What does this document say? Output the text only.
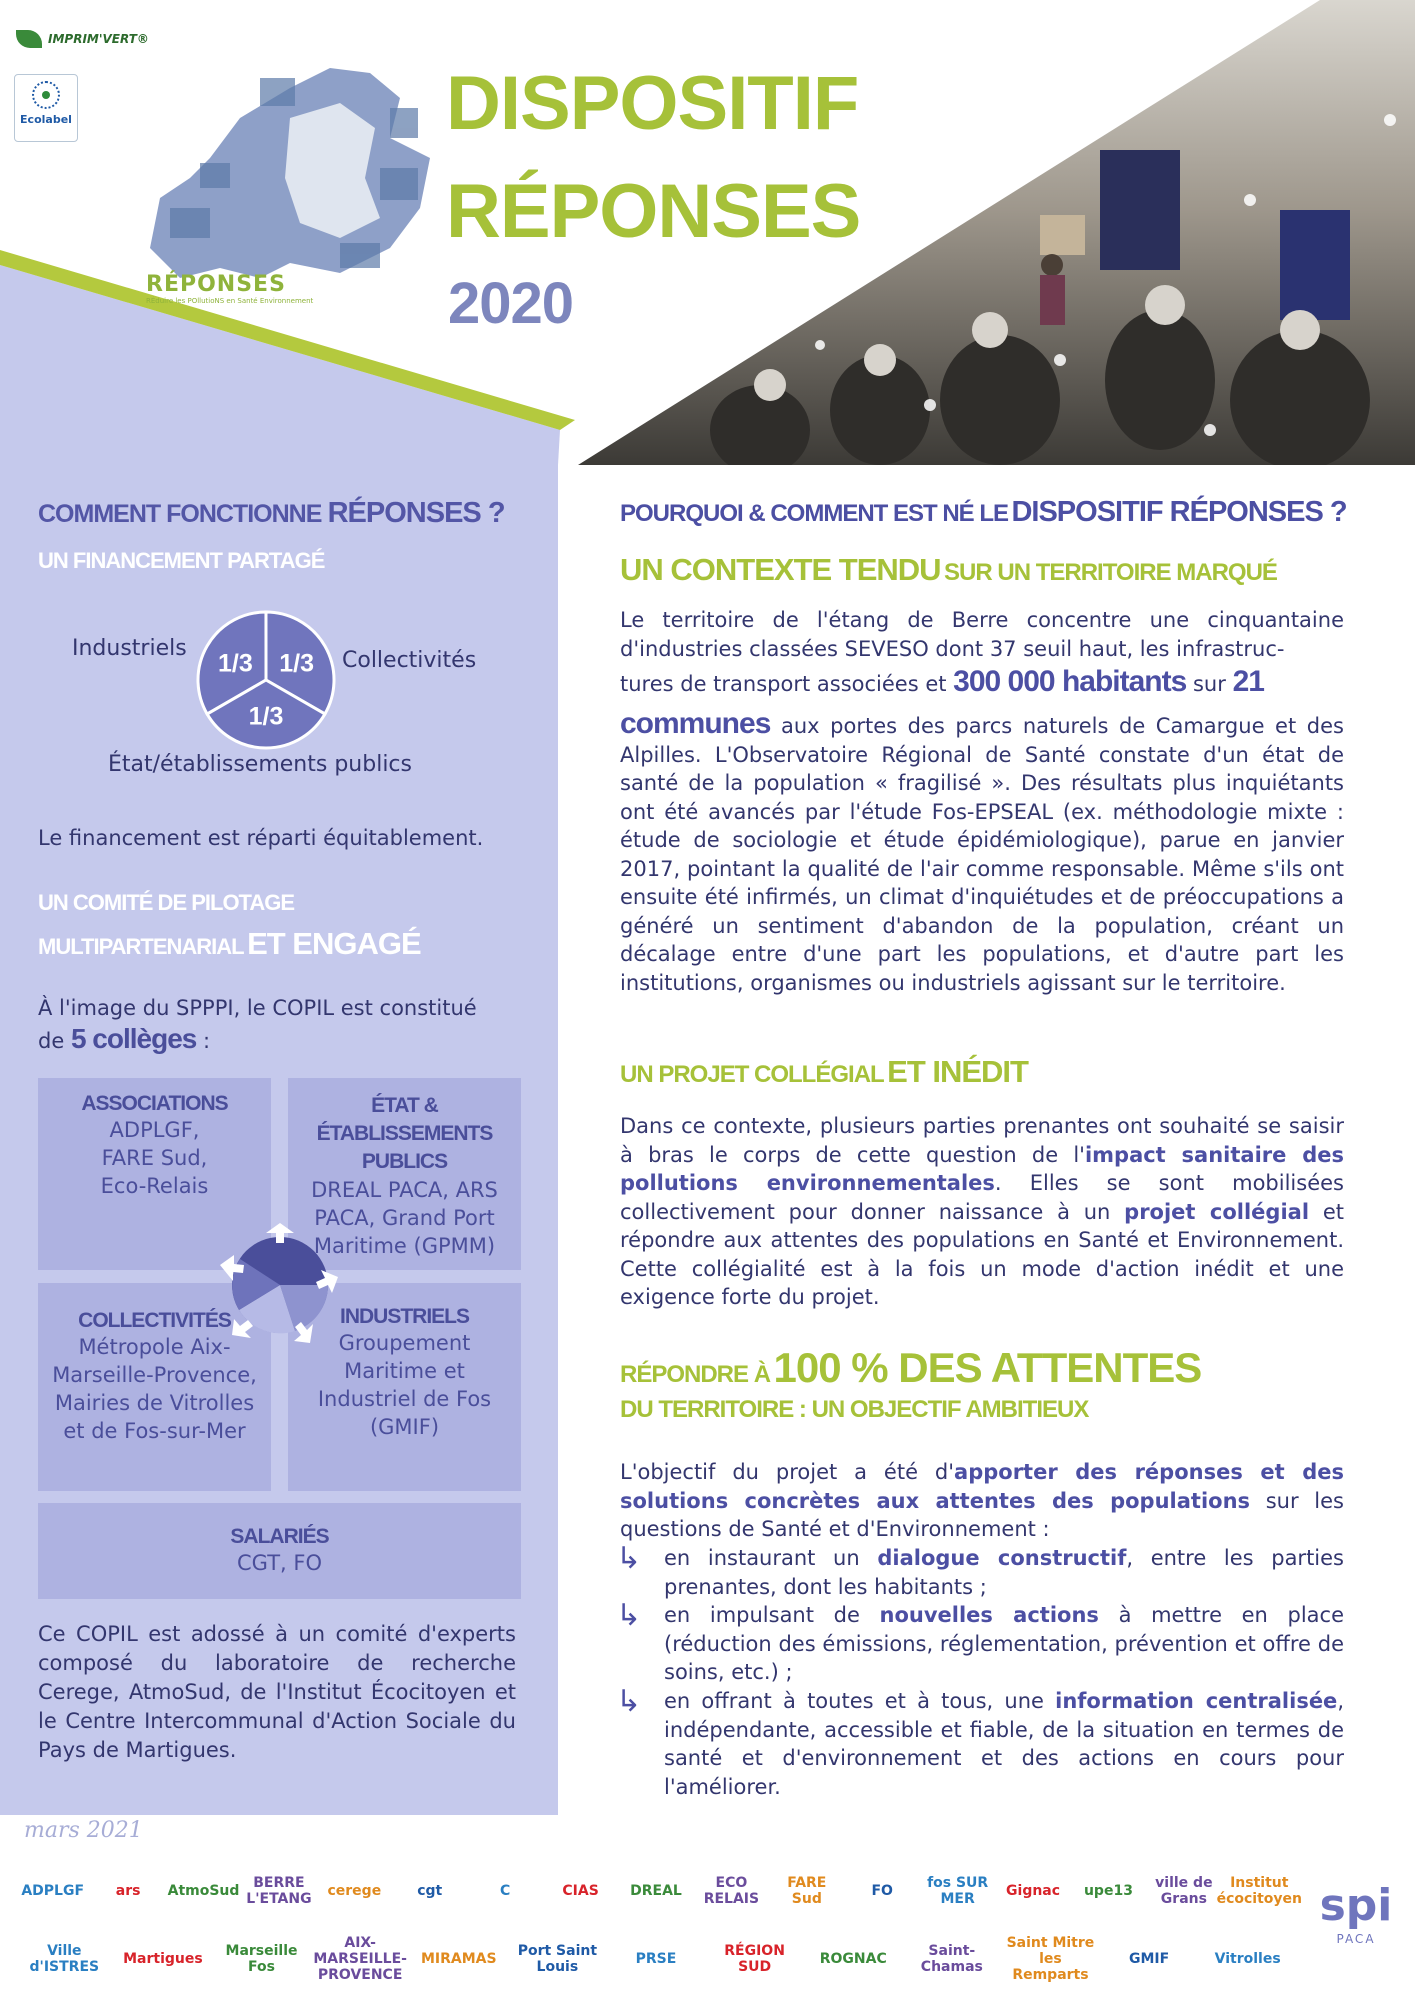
IMPRIM'VERT®
Ecolabel
RÉPONSES
RÉduire les POllutioNS en Santé Environnement
DISPOSITIF
RÉPONSES
2020
COMMENT FONCTIONNE RÉPONSES ?
UN FINANCEMENT PARTAGÉ
1/3 1/3
1/3
Industriels	Collectivités
État/établissements publics
Le financement est réparti équitablement.
UN COMITÉ DE PILOTAGE
MULTIPARTENARIAL ET ENGAGÉ
À l'image du SPPPI, le COPIL est constitué
de 5 collèges :
ASSOCIATIONS
ADPLGF,
FARE Sud,
Eco-Relais
ÉTAT & ÉTABLISSEMENTS PUBLICS
DREAL PACA, ARS
PACA, Grand Port
Maritime (GPMM)
COLLECTIVITÉS
Métropole Aix-
Marseille-Provence,
Mairies de Vitrolles
et de Fos-sur-Mer
INDUSTRIELS
Groupement
Maritime et
Industriel de Fos
(GMIF)
SALARIÉS
CGT, FO
Ce COPIL est adossé à un comité d'experts composé du laboratoire de recherche Cerege, AtmoSud, de l'Institut Écocitoyen et le Centre Intercommunal d'Action Sociale du Pays de Martigues.
POURQUOI & COMMENT EST NÉ LE DISPOSITIF RÉPONSES ?
UN CONTEXTE TENDU SUR UN TERRITOIRE MARQUÉ
Le territoire de l'étang de Berre concentre une cinquantaine d'industries classées SEVESO dont 37 seuil haut, les infrastruc-
tures de transport associées et 300 000 habitants sur 21
communes aux portes des parcs naturels de Camargue et des Alpilles. L'Observatoire Régional de Santé constate d'un état de santé de la population « fragilisé ». Des résultats plus inquiétants ont été avancés par l'étude Fos-EPSEAL (ex. méthodologie mixte : étude de sociologie et étude épidémiologique), parue en janvier 2017, pointant la qualité de l'air comme responsable. Même s'ils ont ensuite été infirmés, un climat d'inquiétudes et de préoccupations a généré un sentiment d'abandon de la population, créant un décalage entre d'une part les populations, et d'autre part les institutions, organismes ou industriels agissant sur le territoire.
UN PROJET COLLÉGIAL ET INÉDIT
Dans ce contexte, plusieurs parties prenantes ont souhaité se saisir à bras le corps de cette question de l'impact sanitaire des pollutions environnementales. Elles se sont mobilisées collectivement pour donner naissance à un projet collégial et répondre aux attentes des populations en Santé et Environnement. Cette collégialité est à la fois un mode d'action inédit et une exigence forte du projet.
RÉPONDRE À 100 % DES ATTENTES
DU TERRITOIRE : UN OBJECTIF AMBITIEUX
L'objectif du projet a été d'apporter des réponses et des solutions concrètes aux attentes des populations sur les questions de Santé et d'Environnement :
↳ en instaurant un dialogue constructif, entre les parties prenantes, dont les habitants ;
↳ en impulsant de nouvelles actions à mettre en place (réduction des émissions, réglementation, prévention et offre de soins, etc.) ;
↳ en offrant à toutes et à tous, une information centralisée, indépendante, accessible et fiable, de la situation en termes de santé et d'environnement et des actions en cours pour l'améliorer.
mars 2021
ADPLGF	ars	AtmoSud BERRE L'ETANG	cerege	cgt	C	CIAS	DREAL	ECO RELAIS
FARE Sud	FO	fos SUR MER	Gignac	upe13	ville de Grans
Institut écocitoyen
Ville d'ISTRES	Martigues	Marseille Fos
AIX-MARSEILLE-PROVENCE
MIRAMAS	Port Saint Louis	PRSE	RÉGION SUD	ROGNAC	Saint-Chamas
Saint Mitre les Remparts
GMIF	Vitrolles
spi
PACA
